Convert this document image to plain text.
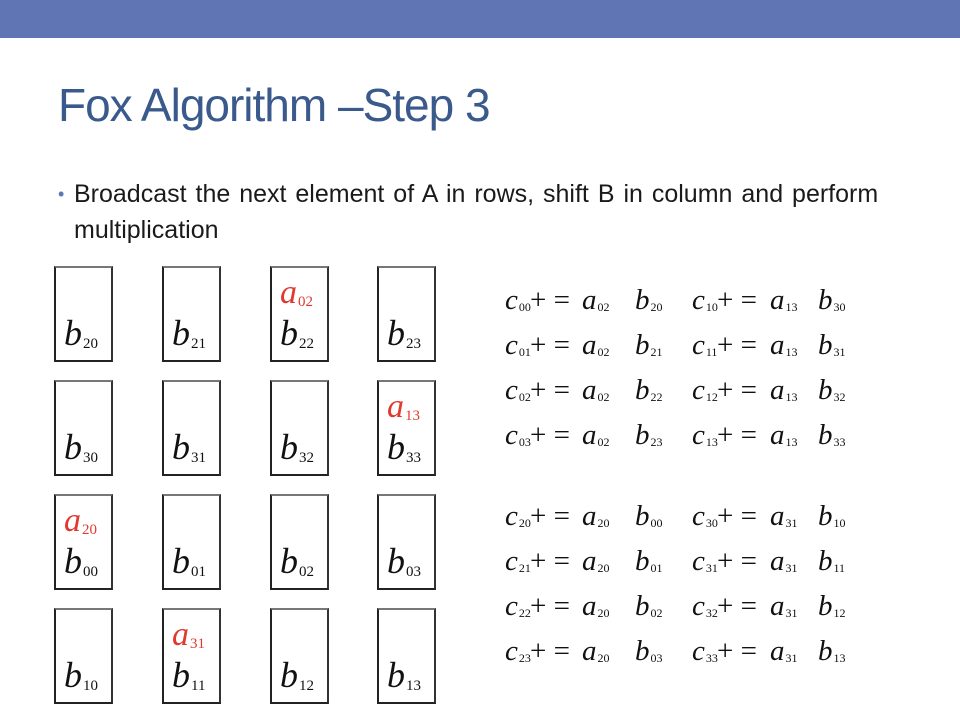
Fox Algorithm –Step 3
• Broadcast the next element of A in rows, shift B in column and perform multiplication
$b_{20}$ $b_{21}$
$a_{02}$
$b_{22}$ $b_{23}$
$b_{30}$ $b_{31}$ $b_{32}$
$a_{13}$
$b_{33}$
$a_{20}$
$b_{00}$ $b_{01}$ $b_{02}$ $b_{03}$
$b_{10}$
$a_{31}$
$b_{11}$ $b_{12}$ $b_{13}$
$c_{00}$ + = $a_{02}$ $b_{20}$ $c_{10}$ + = $a_{13}$ $b_{30}$
$c_{01}$ + = $a_{02}$ $b_{21}$ $c_{11}$ + = $a_{13}$ $b_{31}$
$c_{02}$ + = $a_{02}$ $b_{22}$ $c_{12}$ + = $a_{13}$ $b_{32}$
$c_{03}$ + = $a_{02}$ $b_{23}$ $c_{13}$ + = $a_{13}$ $b_{33}$
$c_{20}$ + = $a_{20}$ $b_{00}$ $c_{30}$ + = $a_{31}$ $b_{10}$
$c_{21}$ + = $a_{20}$ $b_{01}$ $c_{31}$ + = $a_{31}$ $b_{11}$
$c_{22}$ + = $a_{20}$ $b_{02}$ $c_{32}$ + = $a_{31}$ $b_{12}$
$c_{23}$ + = $a_{20}$ $b_{03}$ $c_{33}$ + = $a_{31}$ $b_{13}$
